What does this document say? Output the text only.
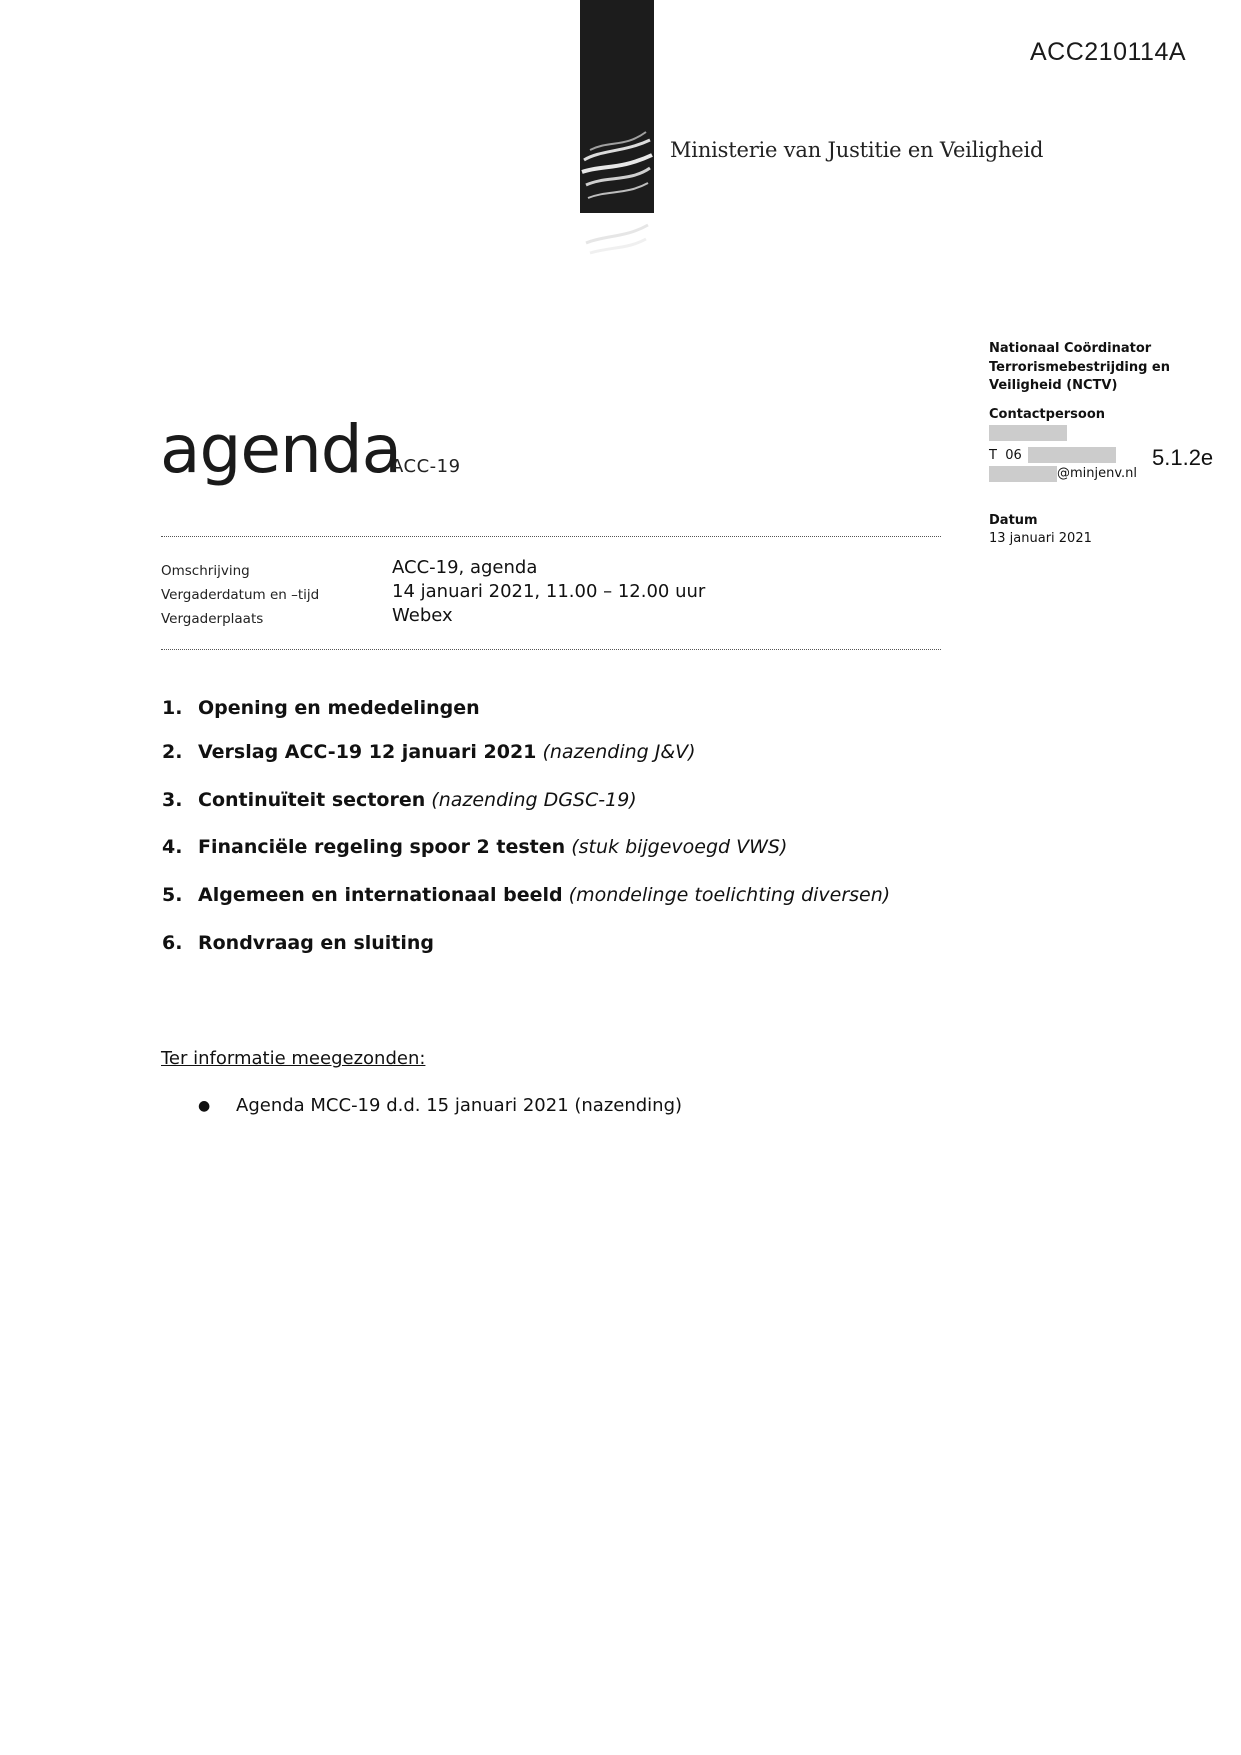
ACC210114A
Ministerie van Justitie en Veiligheid
Nationaal Coördinator
Terrorismebestrijding en
Veiligheid (NCTV)
Contactpersoon
T  06
@minjenv.nl
Datum
13 januari 2021
5.1.2e
agenda
ACC-19
Omschrijving	ACC-19, agenda
Vergaderdatum en –tijd	14 januari 2021, 11.00 – 12.00 uur
Vergaderplaats	Webex
1. Opening en mededelingen
2. Verslag ACC-19 12 januari 2021 (nazending J&V)
3. Continuïteit sectoren (nazending DGSC-19)
4. Financiële regeling spoor 2 testen (stuk bijgevoegd VWS)
5. Algemeen en internationaal beeld (mondelinge toelichting diversen)
6. Rondvraag en sluiting
Ter informatie meegezonden:
● Agenda MCC-19 d.d. 15 januari 2021 (nazending)
